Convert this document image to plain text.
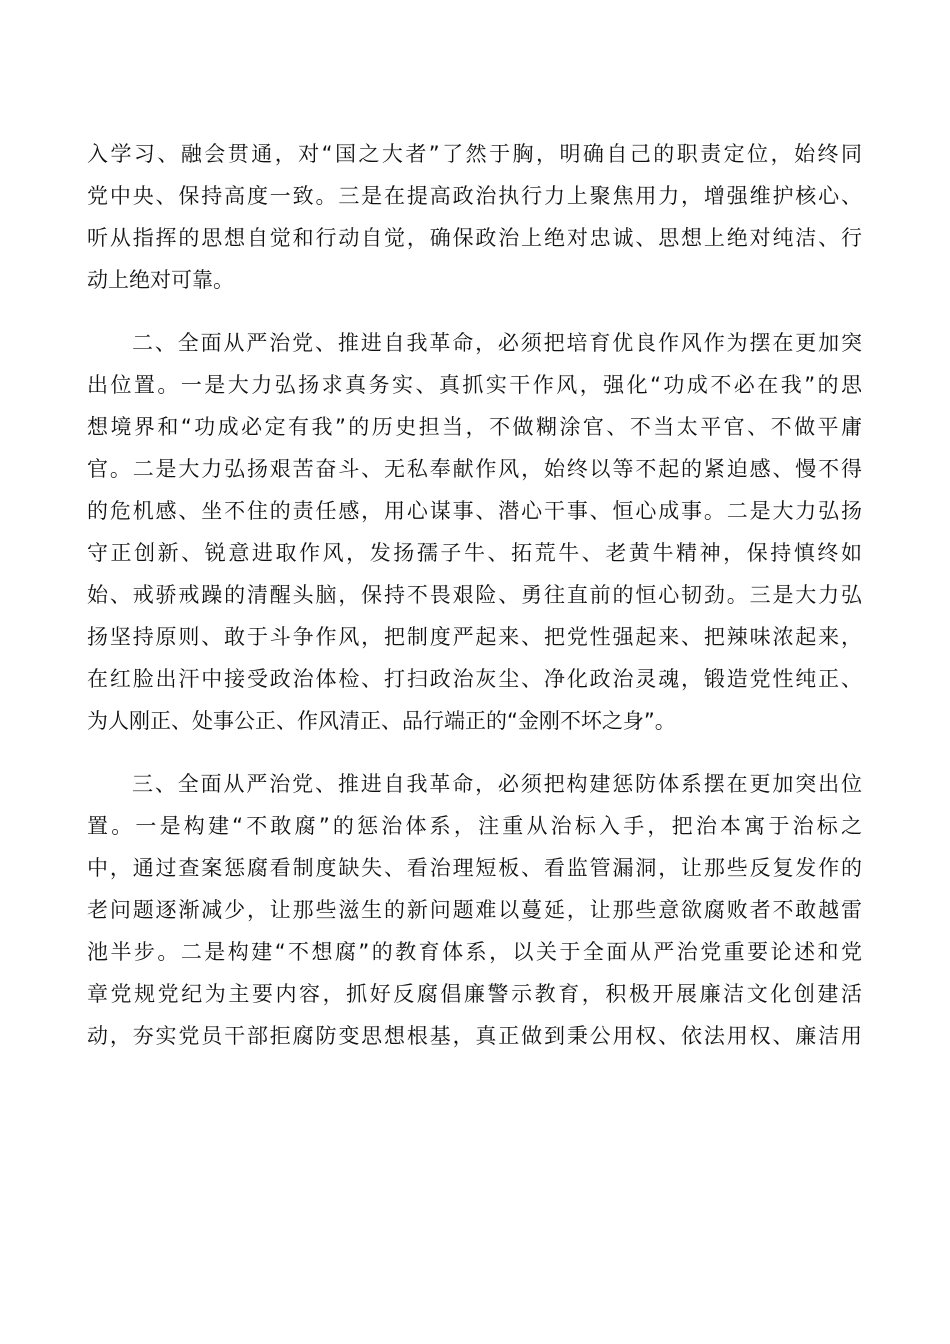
入学习、融会贯通，对“国之大者”了然于胸，明确自己的职责定位，始终同
党中央、保持高度一致。三是在提高政治执行力上聚焦用力，增强维护核心、
听从指挥的思想自觉和行动自觉，确保政治上绝对忠诚、思想上绝对纯洁、行
动上绝对可靠。
二、全面从严治党、推进自我革命，必须把培育优良作风作为摆在更加突
出位置。一是大力弘扬求真务实、真抓实干作风，强化“功成不必在我”的思
想境界和“功成必定有我”的历史担当，不做糊涂官、不当太平官、不做平庸
官。二是大力弘扬艰苦奋斗、无私奉献作风，始终以等不起的紧迫感、慢不得
的危机感、坐不住的责任感，用心谋事、潜心干事、恒心成事。二是大力弘扬
守正创新、锐意进取作风，发扬孺子牛、拓荒牛、老黄牛精神，保持慎终如
始、戒骄戒躁的清醒头脑，保持不畏艰险、勇往直前的恒心韧劲。三是大力弘
扬坚持原则、敢于斗争作风，把制度严起来、把党性强起来、把辣味浓起来，
在红脸出汗中接受政治体检、打扫政治灰尘、净化政治灵魂，锻造党性纯正、
为人刚正、处事公正、作风清正、品行端正的“金刚不坏之身”。
三、全面从严治党、推进自我革命，必须把构建惩防体系摆在更加突出位
置。一是构建“不敢腐”的惩治体系，注重从治标入手，把治本寓于治标之
中，通过查案惩腐看制度缺失、看治理短板、看监管漏洞，让那些反复发作的
老问题逐渐减少，让那些滋生的新问题难以蔓延，让那些意欲腐败者不敢越雷
池半步。二是构建“不想腐”的教育体系，以关于全面从严治党重要论述和党
章党规党纪为主要内容，抓好反腐倡廉警示教育，积极开展廉洁文化创建活
动，夯实党员干部拒腐防变思想根基，真正做到秉公用权、依法用权、廉洁用
